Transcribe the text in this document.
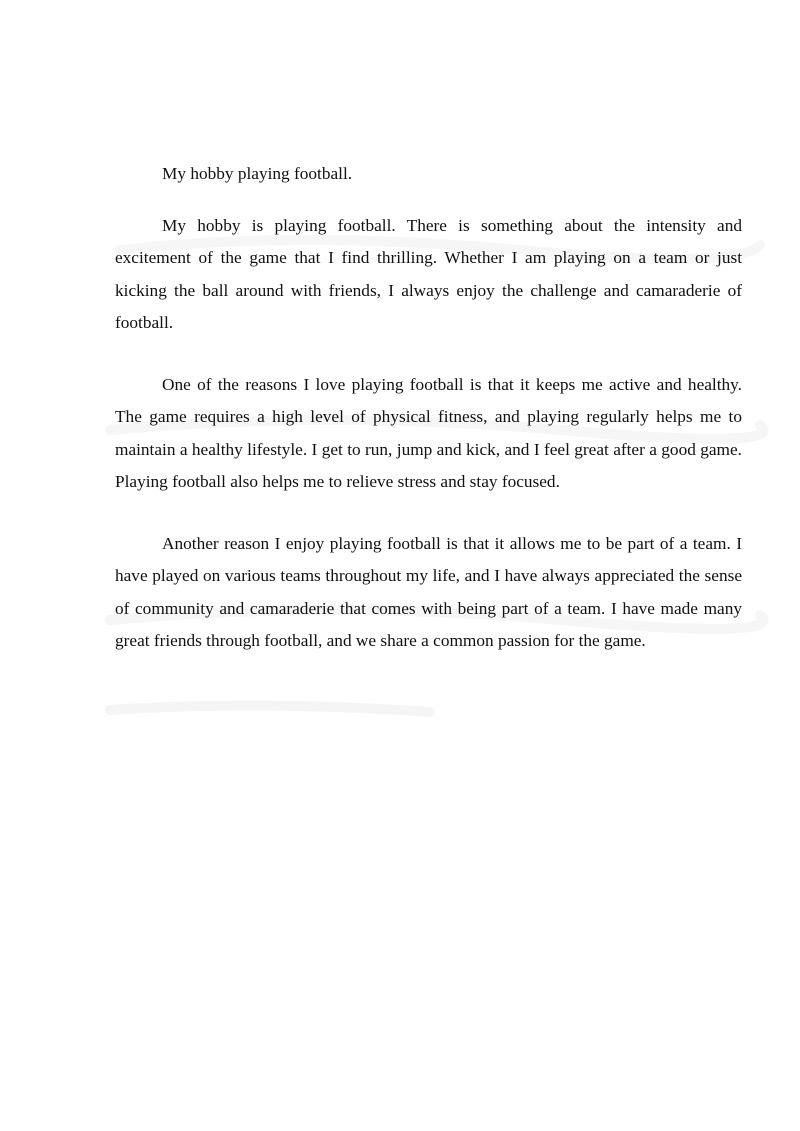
My hobby playing football.

My hobby is playing football. There is something about the intensity and excitement of the game that I find thrilling. Whether I am playing on a team or just kicking the ball around with friends, I always enjoy the challenge and camaraderie of football.

One of the reasons I love playing football is that it keeps me active and healthy. The game requires a high level of physical fitness, and playing regularly helps me to maintain a healthy lifestyle. I get to run, jump and kick, and I feel great after a good game. Playing football also helps me to relieve stress and stay focused.

Another reason I enjoy playing football is that it allows me to be part of a team. I have played on various teams throughout my life, and I have always appreciated the sense of community and camaraderie that comes with being part of a team. I have made many great friends through football, and we share a common passion for the game.
